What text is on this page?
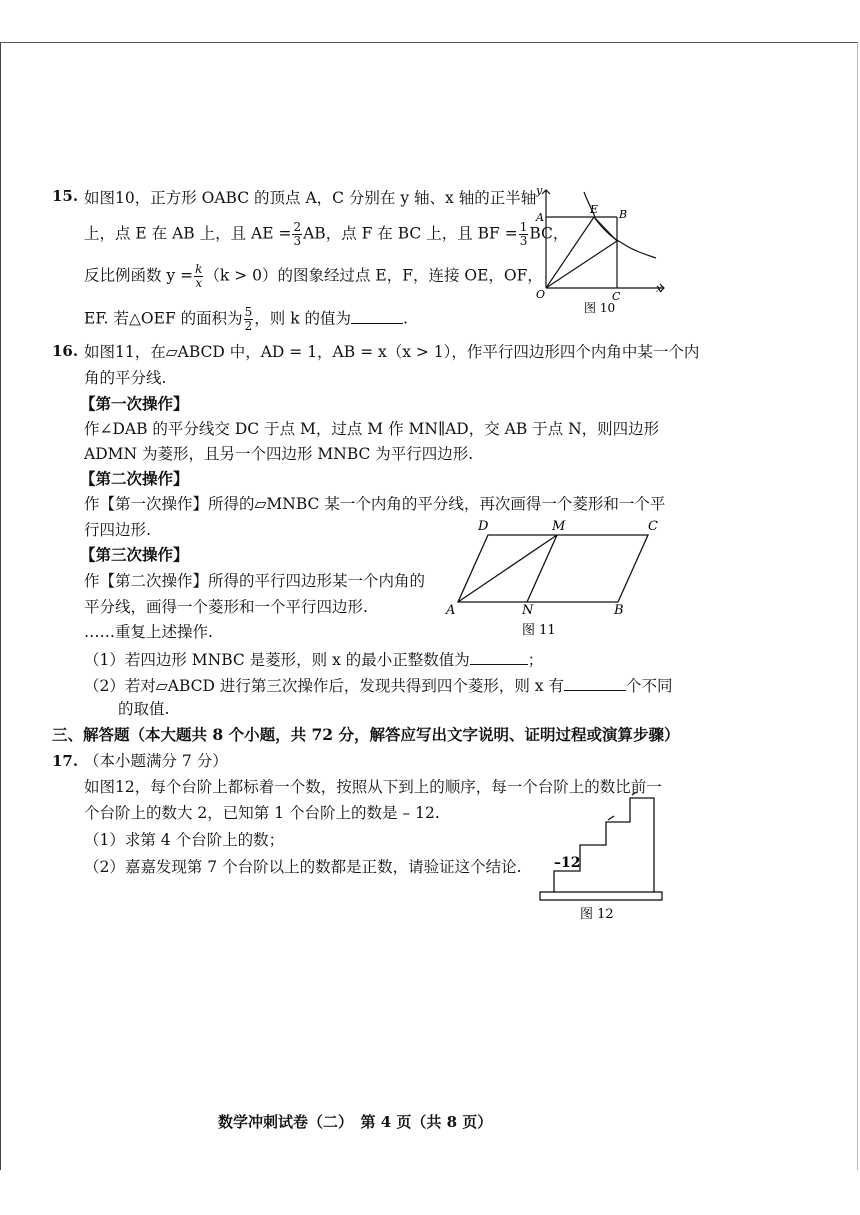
15. 如图10，正方形 OABC 的顶点 A，C 分别在 y 轴、x 轴的正半轴
上，点 E 在 AB 上，且 AE = $\frac{2}{3}$ AB，点 F 在 BC 上，且 BF = $\frac{1}{3}$ BC，
反比例函数 $y = \frac{k}{x} (k > 0)$的图象经过点 E，F，连接 OE，OF，
EF. 若△OEF 的面积为 $\frac{5}{2}$ ，则 k 的值为	.
y
x
A
E B
O	C
图 10
16. 如图11，在▱ABCD 中，AD = 1，AB = x（x > 1），作平行四边形四个内角中某一个内
角的平分线.
【第一次操作】
作∠DAB 的平分线交 DC 于点 M，过点 M 作 MN∥AD，交 AB 于点 N，则四边形
ADMN 为菱形，且另一个四边形 MNBC 为平行四边形.
【第二次操作】
作【第一次操作】所得的▱MNBC 某一个内角的平分线，再次画得一个菱形和一个平
行四边形.
【第三次操作】
作【第二次操作】所得的平行四边形某一个内角的
平分线，画得一个菱形和一个平行四边形.
……重复上述操作.
（1）若四边形 MNBC 是菱形，则 x 的最小正整数值为	；
（2）若对▱ABCD 进行第三次操作后，发现共得到四个菱形，则 x 有	个不同
的取值.
D	M	C
A	N	B
图 11
三、解答题（本大题共 8 个小题，共 72 分，解答应写出文字说明、证明过程或演算步骤）
17. （本小题满分 7 分）
如图12，每个台阶上都标着一个数，按照从下到上的顺序，每一个台阶上的数比前一
个台阶上的数大 2，已知第 1 个台阶上的数是 – 12.
（1）求第 4 个台阶上的数；
（2）嘉嘉发现第 7 个台阶以上的数都是正数，请验证这个结论. –12
图 12
数学冲刺试卷（二）　第 4 页（共 8 页）
